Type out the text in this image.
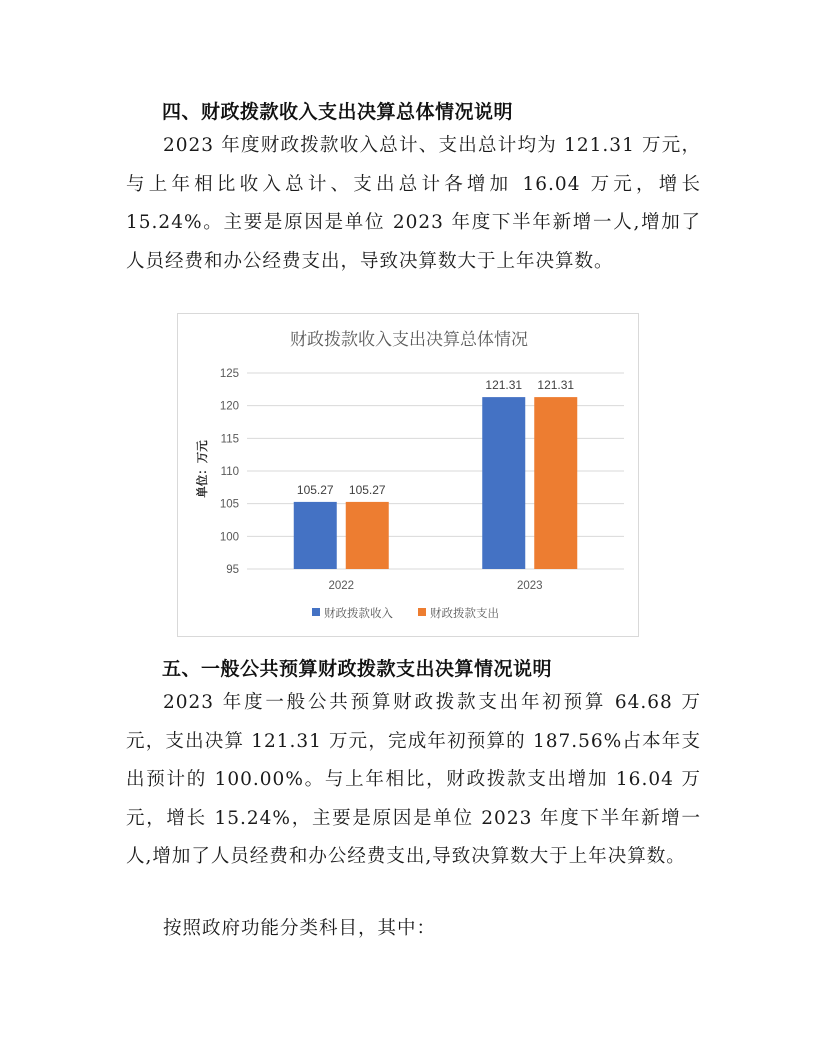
四、财政拨款收入支出决算总体情况说明

2023 年度财政拨款收入总计、支出总计均为 121.31 万元，与上年相比收入总计、支出总计各增加 16.04 万元，增长 15.24%。主要是原因是单位 2023 年度下半年新增一人,增加了人员经费和办公经费支出，导致决算数大于上年决算数。

财政拨款收入支出决算总体情况
单位：万元
95
100
105
110
115
120
125
105.27 105.27
121.31 121.31
2022	2023
财政拨款收入	财政拨款支出
五、一般公共预算财政拨款支出决算情况说明

2023 年度一般公共预算财政拨款支出年初预算 64.68 万元，支出决算 121.31 万元，完成年初预算的 187.56%占本年支出预计的 100.00%。与上年相比，财政拨款支出增加 16.04 万元，增长 15.24%，主要是原因是单位 2023 年度下半年新增一人,增加了人员经费和办公经费支出,导致决算数大于上年决算数。

按照政府功能分类科目，其中：
